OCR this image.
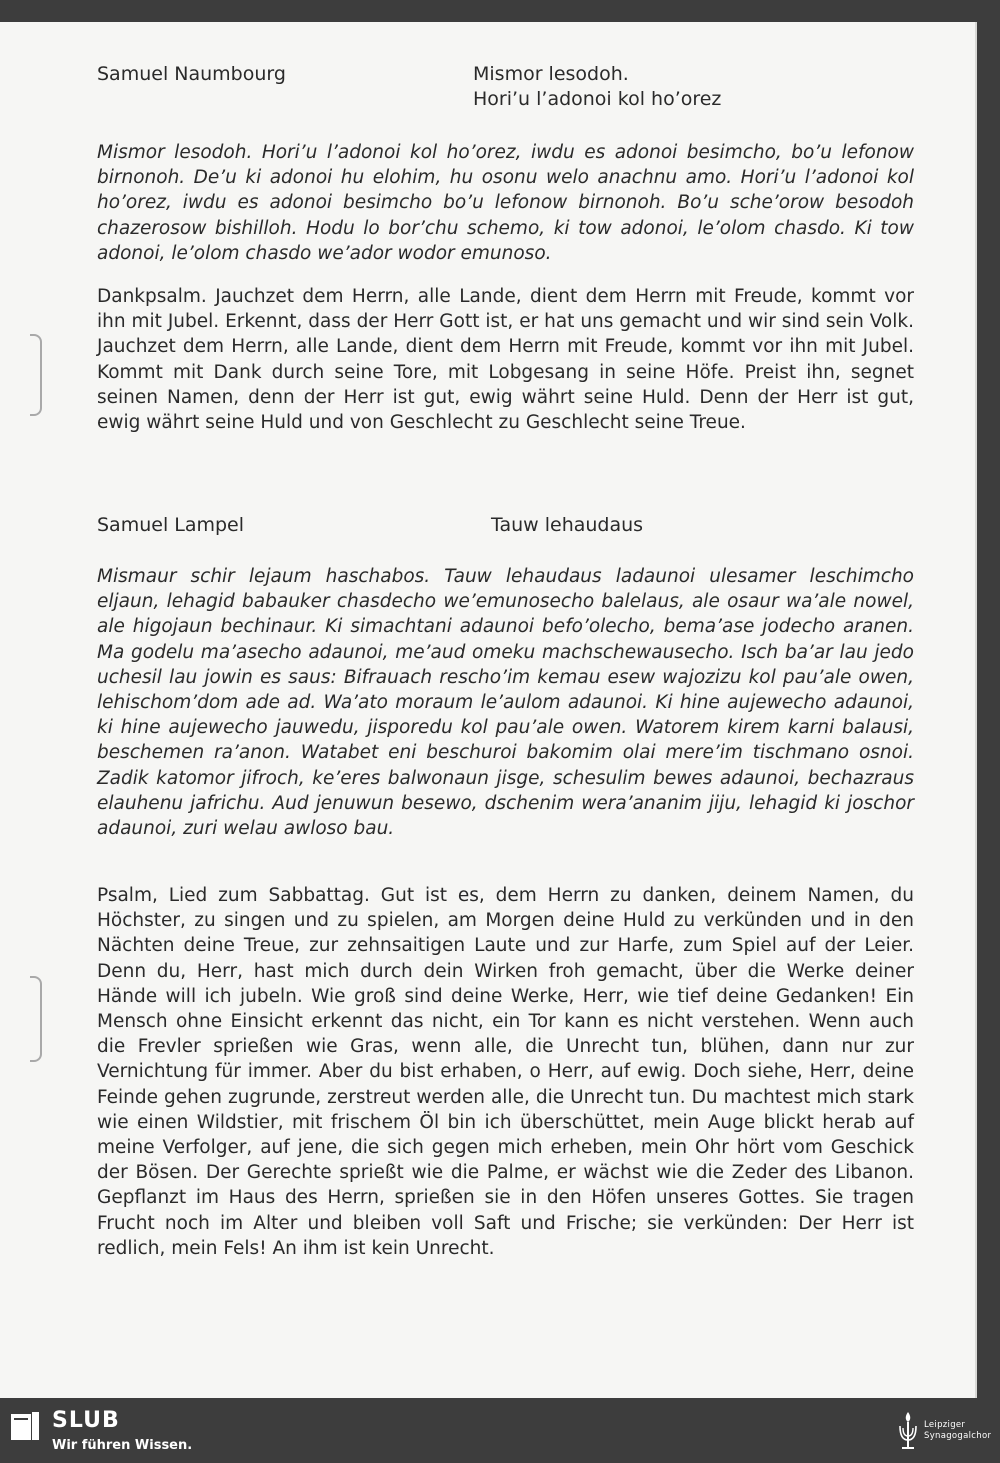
Samuel Naumbourg	Mismor lesodoh.
Hori’u l’adonoi kol ho’orez

Mismor lesodoh. Hori’u l’adonoi kol ho’orez, iwdu es adonoi besimcho, bo’u lefonow birnonoh. De’u ki adonoi hu elohim, hu osonu welo anachnu amo. Hori’u l’adonoi kol ho’orez, iwdu es adonoi besimcho bo’u lefonow birnonoh. Bo’u sche’orow besodoh chazerosow bishilloh. Hodu lo bor’chu schemo, ki tow adonoi, le’olom chasdo. Ki tow adonoi, le’olom chasdo we’ador wodor emunoso.

Dankpsalm. Jauchzet dem Herrn, alle Lande, dient dem Herrn mit Freude, kommt vor ihn mit Jubel. Erkennt, dass der Herr Gott ist, er hat uns gemacht und wir sind sein Volk. Jauchzet dem Herrn, alle Lande, dient dem Herrn mit Freude, kommt vor ihn mit Jubel. Kommt mit Dank durch seine Tore, mit Lobgesang in seine Höfe. Preist ihn, segnet seinen Namen, denn der Herr ist gut, ewig währt seine Huld. Denn der Herr ist gut, ewig währt seine Huld und von Geschlecht zu Geschlecht seine Treue.

Samuel Lampel	Tauw lehaudaus

Mismaur schir lejaum haschabos. Tauw lehaudaus ladaunoi ulesamer leschimcho eljaun, lehagid babauker chasdecho we’emunosecho balelaus, ale osaur wa’ale nowel, ale higojaun bechinaur. Ki simachtani adaunoi befo’olecho, bema’ase jodecho aranen. Ma godelu ma’asecho adaunoi, me’aud omeku machschewausecho. Isch ba’ar lau jedo uchesil lau jowin es saus: Bifrauach rescho’im kemau esew wajozizu kol pau’ale owen, lehischom’dom ade ad. Wa’ato moraum le’aulom adaunoi. Ki hine aujewecho adaunoi, ki hine aujewecho jauwedu, jisporedu kol pau’ale owen. Watorem kirem karni balausi, beschemen ra’anon. Watabet eni beschuroi bakomim olai mere’im tischmano osnoi. Zadik katomor jifroch, ke’eres balwonaun jisge, schesulim bewes adaunoi, bechazraus elauhenu jafrichu. Aud jenuwun besewo, dschenim wera’ananim jiju, lehagid ki joschor adaunoi, zuri welau awloso bau.

Psalm, Lied zum Sabbattag. Gut ist es, dem Herrn zu danken, deinem Namen, du Höchster, zu singen und zu spielen, am Morgen deine Huld zu verkünden und in den Nächten deine Treue, zur zehnsaitigen Laute und zur Harfe, zum Spiel auf der Leier. Denn du, Herr, hast mich durch dein Wirken froh gemacht, über die Werke deiner Hände will ich jubeln. Wie groß sind deine Werke, Herr, wie tief deine Gedanken! Ein Mensch ohne Einsicht erkennt das nicht, ein Tor kann es nicht verstehen. Wenn auch die Frevler sprießen wie Gras, wenn alle, die Unrecht tun, blühen, dann nur zur Vernichtung für immer. Aber du bist erhaben, o Herr, auf ewig. Doch siehe, Herr, deine Feinde gehen zugrunde, zerstreut werden alle, die Unrecht tun. Du machtest mich stark wie einen Wildstier, mit frischem Öl bin ich überschüttet, mein Auge blickt herab auf meine Verfolger, auf jene, die sich gegen mich erheben, mein Ohr hört vom Geschick der Bösen. Der Gerechte sprießt wie die Palme, er wächst wie die Zeder des Libanon. Gepflanzt im Haus des Herrn, sprießen sie in den Höfen unseres Gottes. Sie tragen Frucht noch im Alter und bleiben voll Saft und Frische; sie verkünden: Der Herr ist redlich, mein Fels! An ihm ist kein Unrecht.

SLUB
Wir führen Wissen.
Leipziger
Synagogalchor
